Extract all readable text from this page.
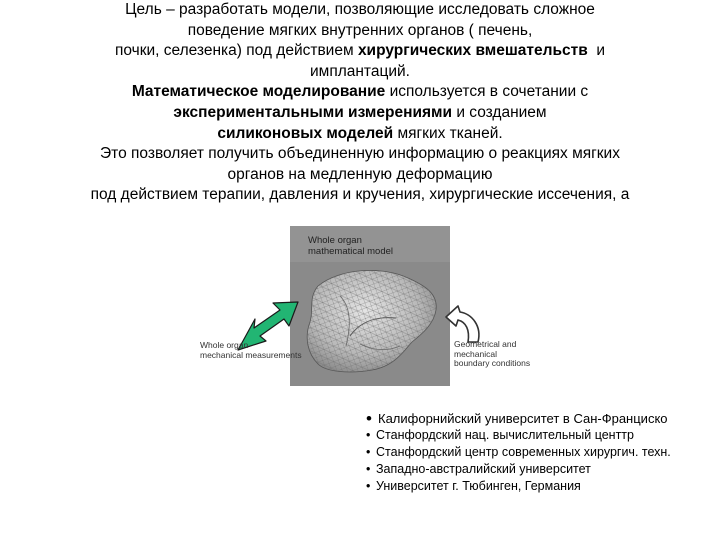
Цель – разработать модели, позволяющие исследовать сложное

поведение мягких внутренних органов ( печень,

почки, селезенка) под действием хирургических вмешательств  и

имплантаций.

Математическое моделирование используется в сочетании с

экспериментальными измерениями и созданием

силиконовых моделей мягких тканей.

Это позволяет получить объединенную информацию о реакциях мягких

органов на медленную деформацию

под действием терапии, давления и кручения, хирургические иссечения, а

Whole organ
mathematical model
Whole organ
mechanical measurements
Geometrical and mechanical
boundary conditions
• Калифорнийский университет в Сан-Франциско
• Станфордский нац. вычислительный центтр
• Станфордский центр современных хирургич. техн.
• Западно-австралийский университет
• Университет г. Тюбинген, Германия
